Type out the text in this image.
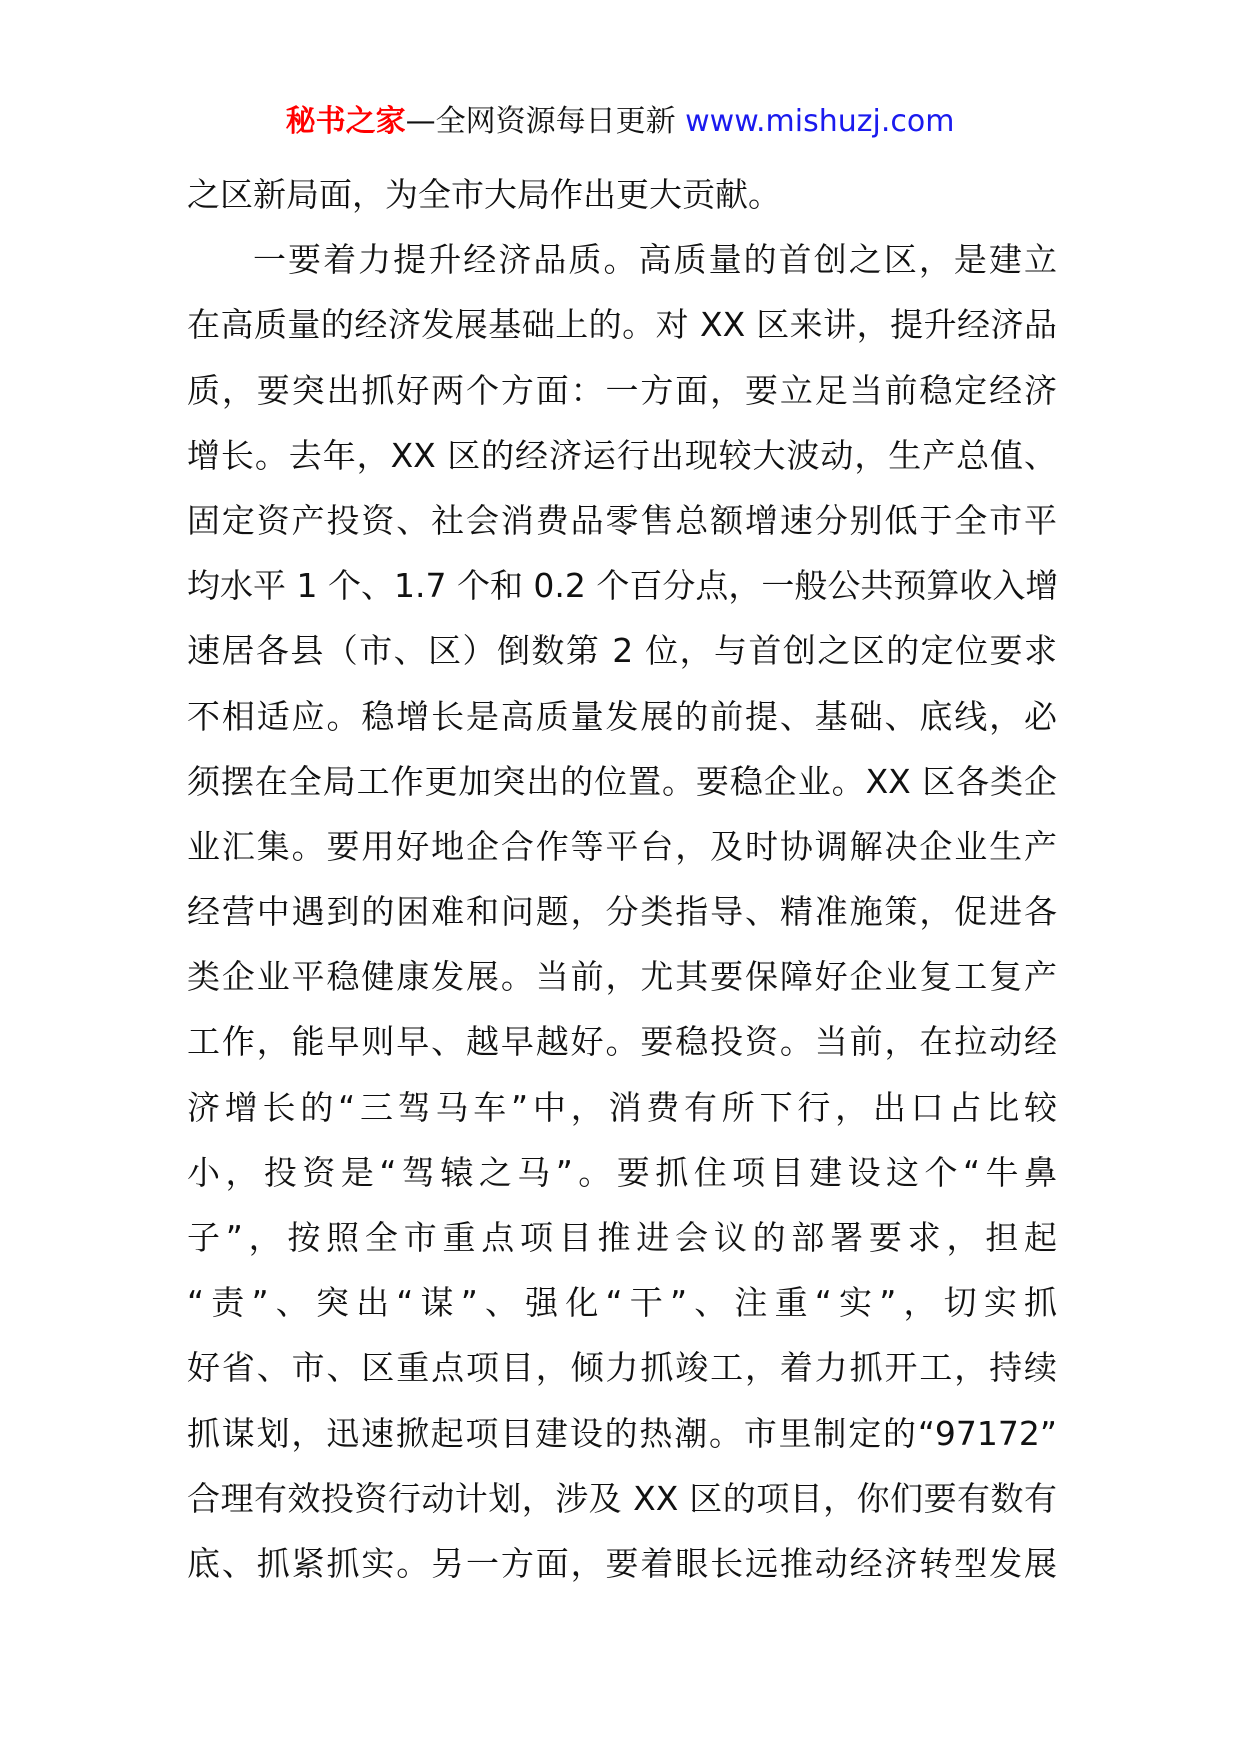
秘书之家—全网资源每日更新 www.mishuzj.com
之区新局面，为全市大局作出更大贡献。
一要着力提升经济品质。高质量的首创之区，是建立
在高质量的经济发展基础上的。对 XX 区来讲，提升经济品
质，要突出抓好两个方面：一方面，要立足当前稳定经济
增长。去年，XX 区的经济运行出现较大波动，生产总值、
固定资产投资、社会消费品零售总额增速分别低于全市平
均水平 1 个、1.7 个和 0.2 个百分点，一般公共预算收入增
速居各县（市、区）倒数第 2 位，与首创之区的定位要求
不相适应。稳增长是高质量发展的前提、基础、底线，必
须摆在全局工作更加突出的位置。要稳企业。XX 区各类企
业汇集。要用好地企合作等平台，及时协调解决企业生产
经营中遇到的困难和问题，分类指导、精准施策，促进各
类企业平稳健康发展。当前，尤其要保障好企业复工复产
工作，能早则早、越早越好。要稳投资。当前，在拉动经
济增长的“三驾马车”中，消费有所下行，出口占比较
小，投资是“驾辕之马”。要抓住项目建设这个“牛鼻
子”，按照全市重点项目推进会议的部署要求，担起
“责”、突出“谋”、强化“干”、注重“实”，切实抓
好省、市、区重点项目，倾力抓竣工，着力抓开工，持续
抓谋划，迅速掀起项目建设的热潮。市里制定的“97172”
合理有效投资行动计划，涉及 XX 区的项目，你们要有数有
底、抓紧抓实。另一方面，要着眼长远推动经济转型发展
